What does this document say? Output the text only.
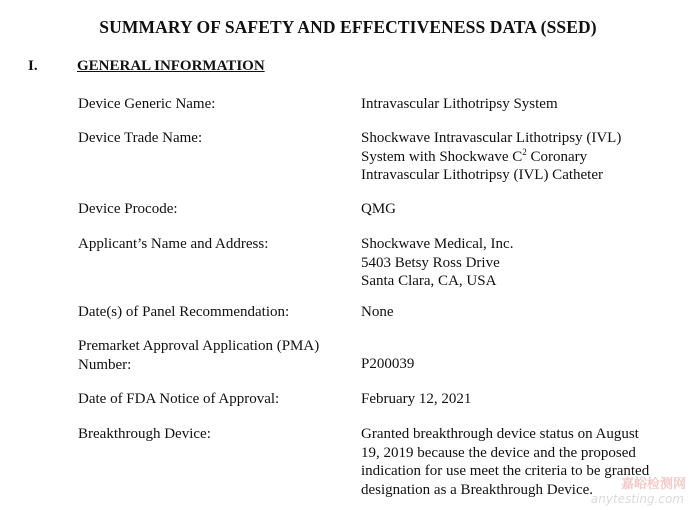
SUMMARY OF SAFETY AND EFFECTIVENESS DATA (SSED)
I.	GENERAL INFORMATION
Device Generic Name:	Intravascular Lithotripsy System
Device Trade Name:	Shockwave Intravascular Lithotripsy (IVL)
System with Shockwave $C^2$ Coronary
Intravascular Lithotripsy (IVL) Catheter
Device Procode:	QMG
Applicant’s Name and Address:	Shockwave Medical, Inc.
5403 Betsy Ross Drive
Santa Clara, CA, USA
Date(s) of Panel Recommendation:	None
Premarket Approval Application (PMA)
Number:	P200039
Date of FDA Notice of Approval:	February 12, 2021
Breakthrough Device:	Granted breakthrough device status on August
19, 2019 because the device and the proposed
indication for use meet the criteria to be granted
designation as a Breakthrough Device.	嘉峪检测网
anytesting.com
